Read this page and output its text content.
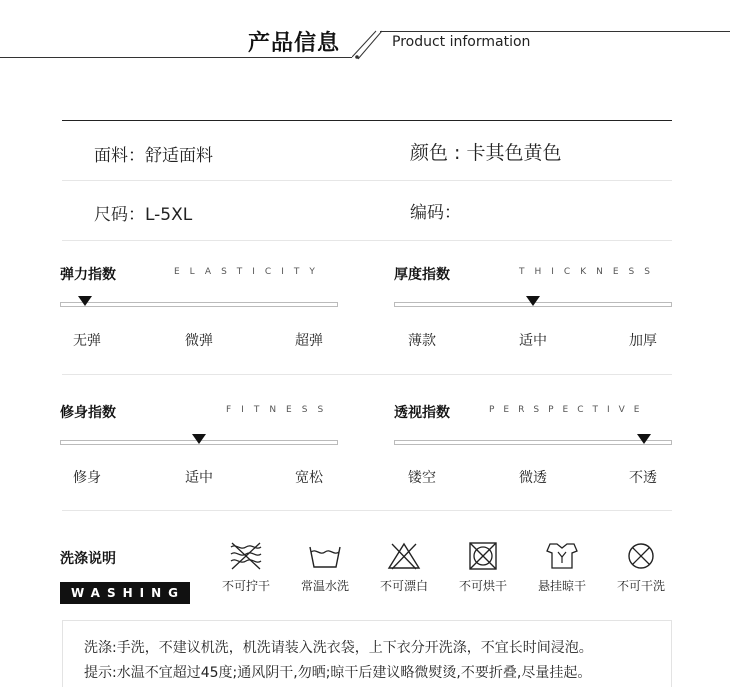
产品信息	Product information
面料：舒适面料	颜色 : 卡其色黄色
尺码：L-5XL	编码：
弹力指数	ELASTICITY
无弹	微弹	超弹
厚度指数	THICKNESS
薄款	适中	加厚
修身指数	FITNESS
修身	适中	宽松
透视指数	PERSPECTIVE
镂空	微透	不透
洗涤说明
WASHING	不可拧干	常温水洗	不可漂白	不可烘干	悬挂晾干	不可干洗
洗涤:手洗，不建议机洗，机洗请装入洗衣袋，上下衣分开洗涤，不宜长时间浸泡。
提示:水温不宜超过45度;通风阴干,勿晒;晾干后建议略微熨烫,不要折叠,尽量挂起。
